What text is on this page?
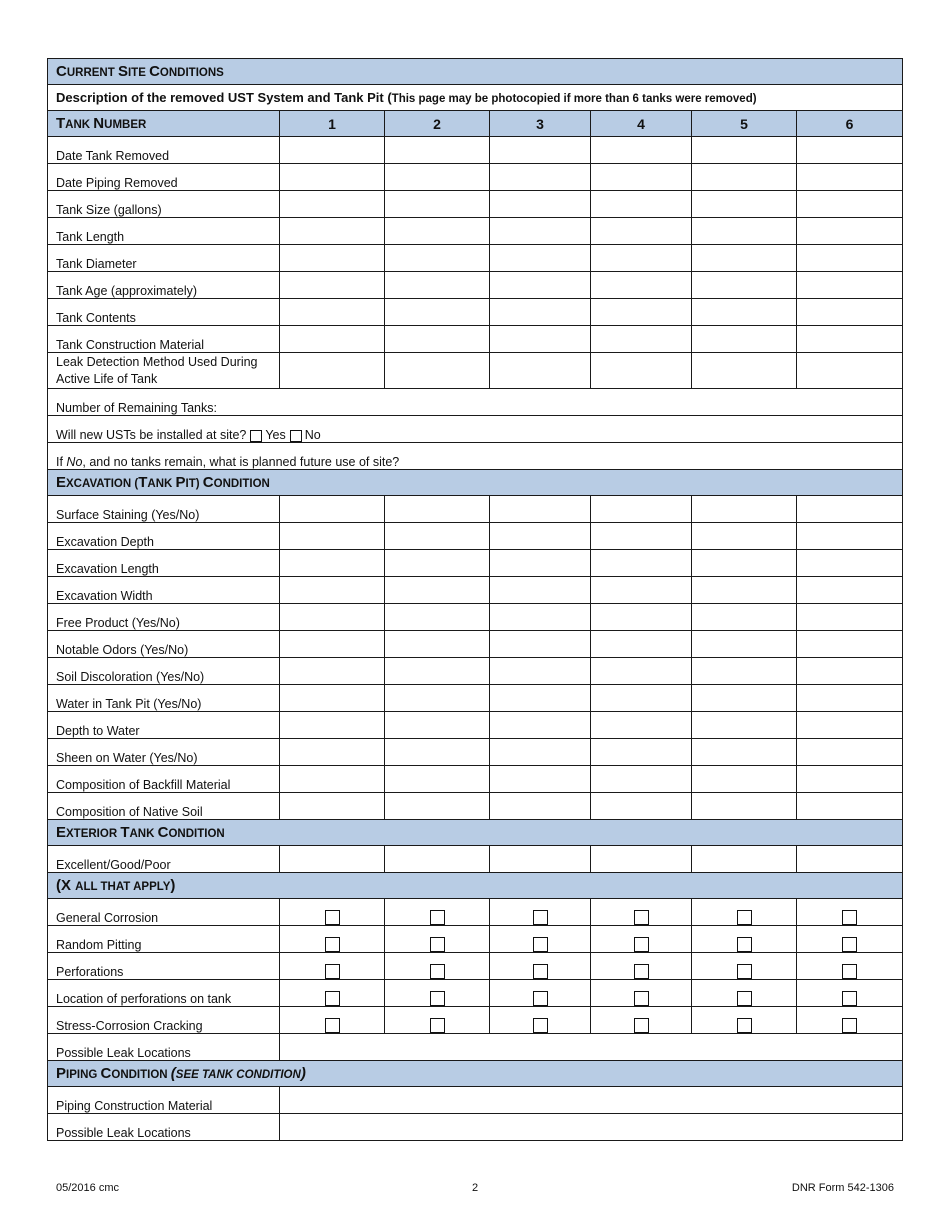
CURRENT SITE CONDITIONS						
Description of the removed UST System and Tank Pit (This page may be photocopied if more than 6 tanks were removed)						
TANK NUMBER	1	2	3	4	5	6
Date Tank Removed						
Date Piping Removed						
Tank Size (gallons)						
Tank Length						
Tank Diameter						
Tank Age (approximately)						
Tank Contents						
Tank Construction Material						

Leak Detection Method Used During
Active Life of Tank						

Number of Remaining Tanks:						
Will new USTs be installed at site? Yes No						
If No, and no tanks remain, what is planned future use of site?						
EXCAVATION (TANK PIT) CONDITION						
Surface Staining (Yes/No)						
Excavation Depth						
Excavation Length						
Excavation Width						
Free Product (Yes/No)						
Notable Odors (Yes/No)						
Soil Discoloration (Yes/No)						
Water in Tank Pit (Yes/No)						
Depth to Water						
Sheen on Water (Yes/No)						
Composition of Backfill Material						
Composition of Native Soil						
EXTERIOR TANK CONDITION						
Excellent/Good/Poor						
(X ALL THAT APPLY)						
General Corrosion						
Random Pitting						
Perforations						
Location of perforations on tank						
Stress-Corrosion Cracking						
Possible Leak Locations						
PIPING CONDITION (SEE TANK CONDITION)						
Piping Construction Material						
Possible Leak Locations						
05/2016 cmc	2	DNR Form 542-1306
